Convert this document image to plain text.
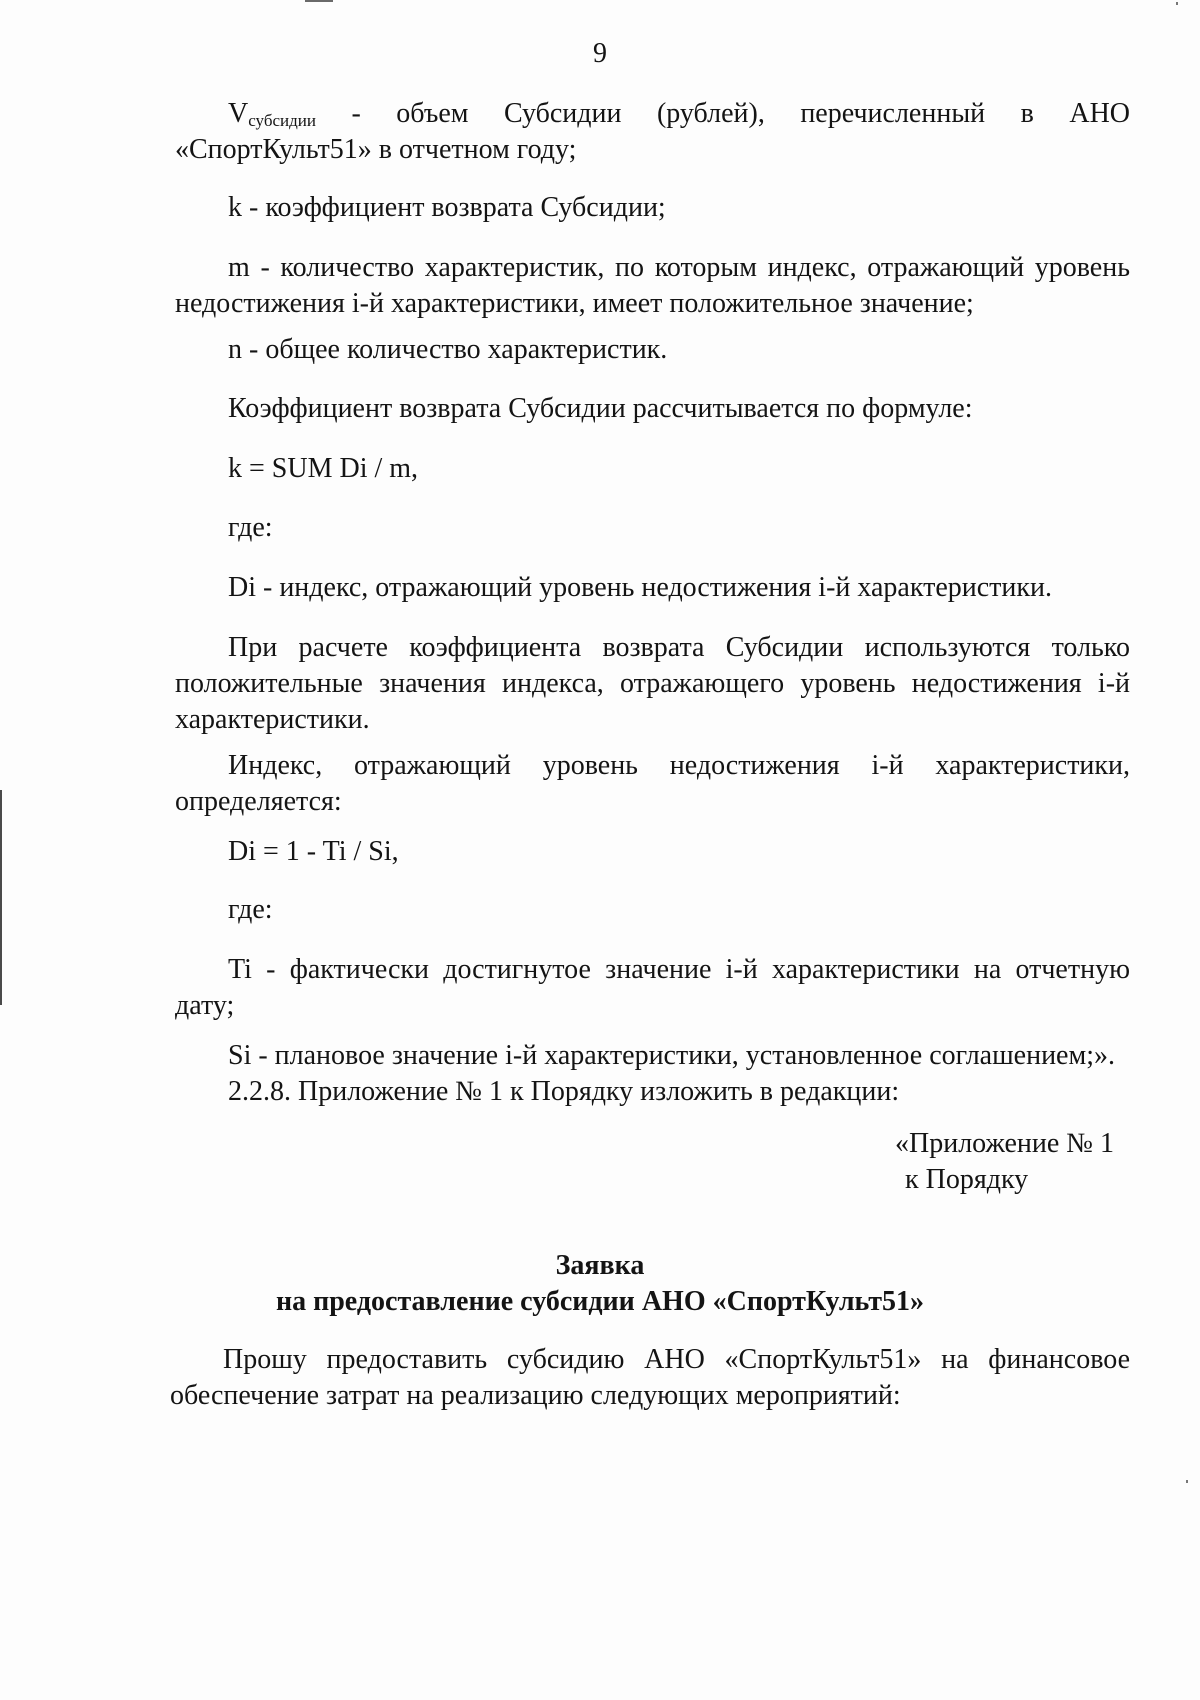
9

$V_{субсидии}$ - объем Субсидии (рублей), перечисленный в АНО

«СпортКульт51» в отчетном году;

k - коэффициент возврата Субсидии;

m - количество характеристик, по которым индекс, отражающий уровень недостижения i-й характеристики, имеет положительное значение;

n - общее количество характеристик.

Коэффициент возврата Субсидии рассчитывается по формуле:

k = SUM Di / m,

где:

Di - индекс, отражающий уровень недостижения i-й характеристики.

При расчете коэффициента возврата Субсидии используются только положительные значения индекса, отражающего уровень недостижения i-й характеристики.

Индекс, отражающий уровень недостижения i-й характеристики, определяется:

Di = 1 - Ti / Si,

где:

Ti - фактически достигнутое значение i-й характеристики на отчетную дату;

Si - плановое значение i-й характеристики, установленное соглашением;».

2.2.8. Приложение № 1 к Порядку изложить в редакции:

«Приложение № 1
к Порядку
Заявка
на предоставление субсидии АНО «СпортКульт51»

Прошу предоставить субсидию АНО «СпортКульт51» на финансовое обеспечение затрат на реализацию следующих мероприятий:
